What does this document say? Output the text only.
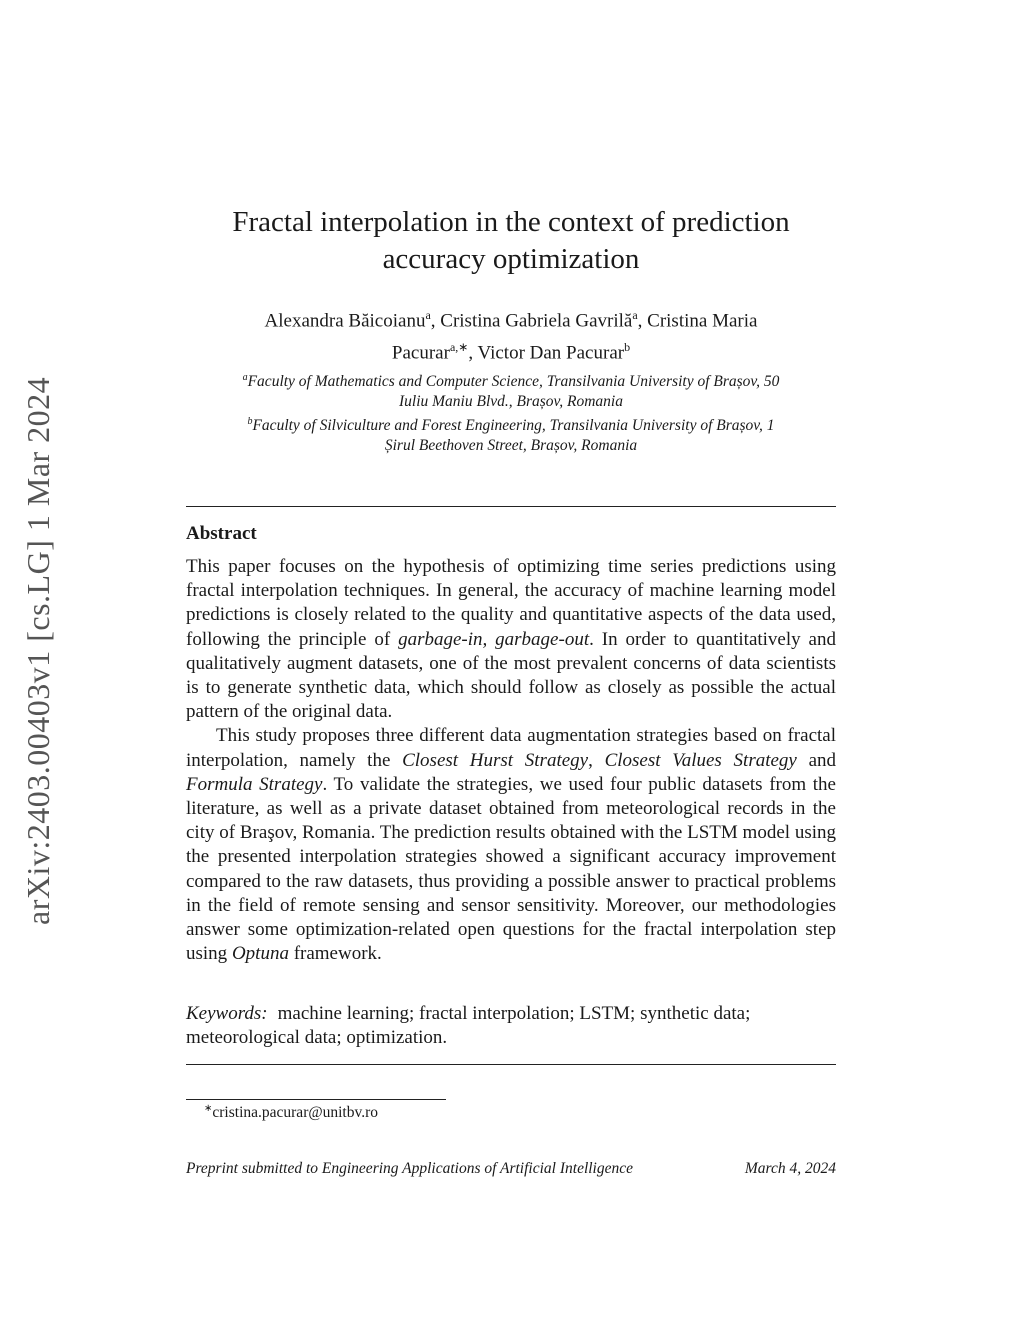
arXiv:2403.00403v1 [cs.LG] 1 Mar 2024
Fractal interpolation in the context of prediction
accuracy optimization
Alexandra Băicoianu$^a$, Cristina Gabriela Gavrilă$^a$, Cristina Maria
Pacurar$^{a,∗}$, Victor Dan Pacurar$^b$
$^a$Faculty of Mathematics and Computer Science, Transilvania University of Brașov, 50
Iuliu Maniu Blvd., Brașov, Romania
$^b$Faculty of Silviculture and Forest Engineering, Transilvania University of Brașov, 1
Șirul Beethoven Street, Brașov, Romania
Abstract

This paper focuses on the hypothesis of optimizing time series predictions using fractal interpolation techniques. In general, the accuracy of machine learning model predictions is closely related to the quality and quantitative aspects of the data used, following the principle of garbage-in, garbage-out. In order to quantitatively and qualitatively augment datasets, one of the most prevalent concerns of data scientists is to generate synthetic data, which should follow as closely as possible the actual pattern of the original data.

This study proposes three different data augmentation strategies based on fractal interpolation, namely the Closest Hurst Strategy, Closest Values Strategy and Formula Strategy. To validate the strategies, we used four public datasets from the literature, as well as a private dataset obtained from meteorological records in the city of Braşov, Romania. The prediction results obtained with the LSTM model using the presented interpolation strategies showed a significant accuracy improvement compared to the raw datasets, thus providing a possible answer to practical problems in the field of remote sensing and sensor sensitivity. Moreover, our methodologies answer some optimization-related open questions for the fractal interpolation step using Optuna framework.

Keywords: machine learning; fractal interpolation; LSTM; synthetic data; meteorological data; optimization.
∗cristina.pacurar@unitbv.ro
Preprint submitted to Engineering Applications of Artificial Intelligence	March 4, 2024
